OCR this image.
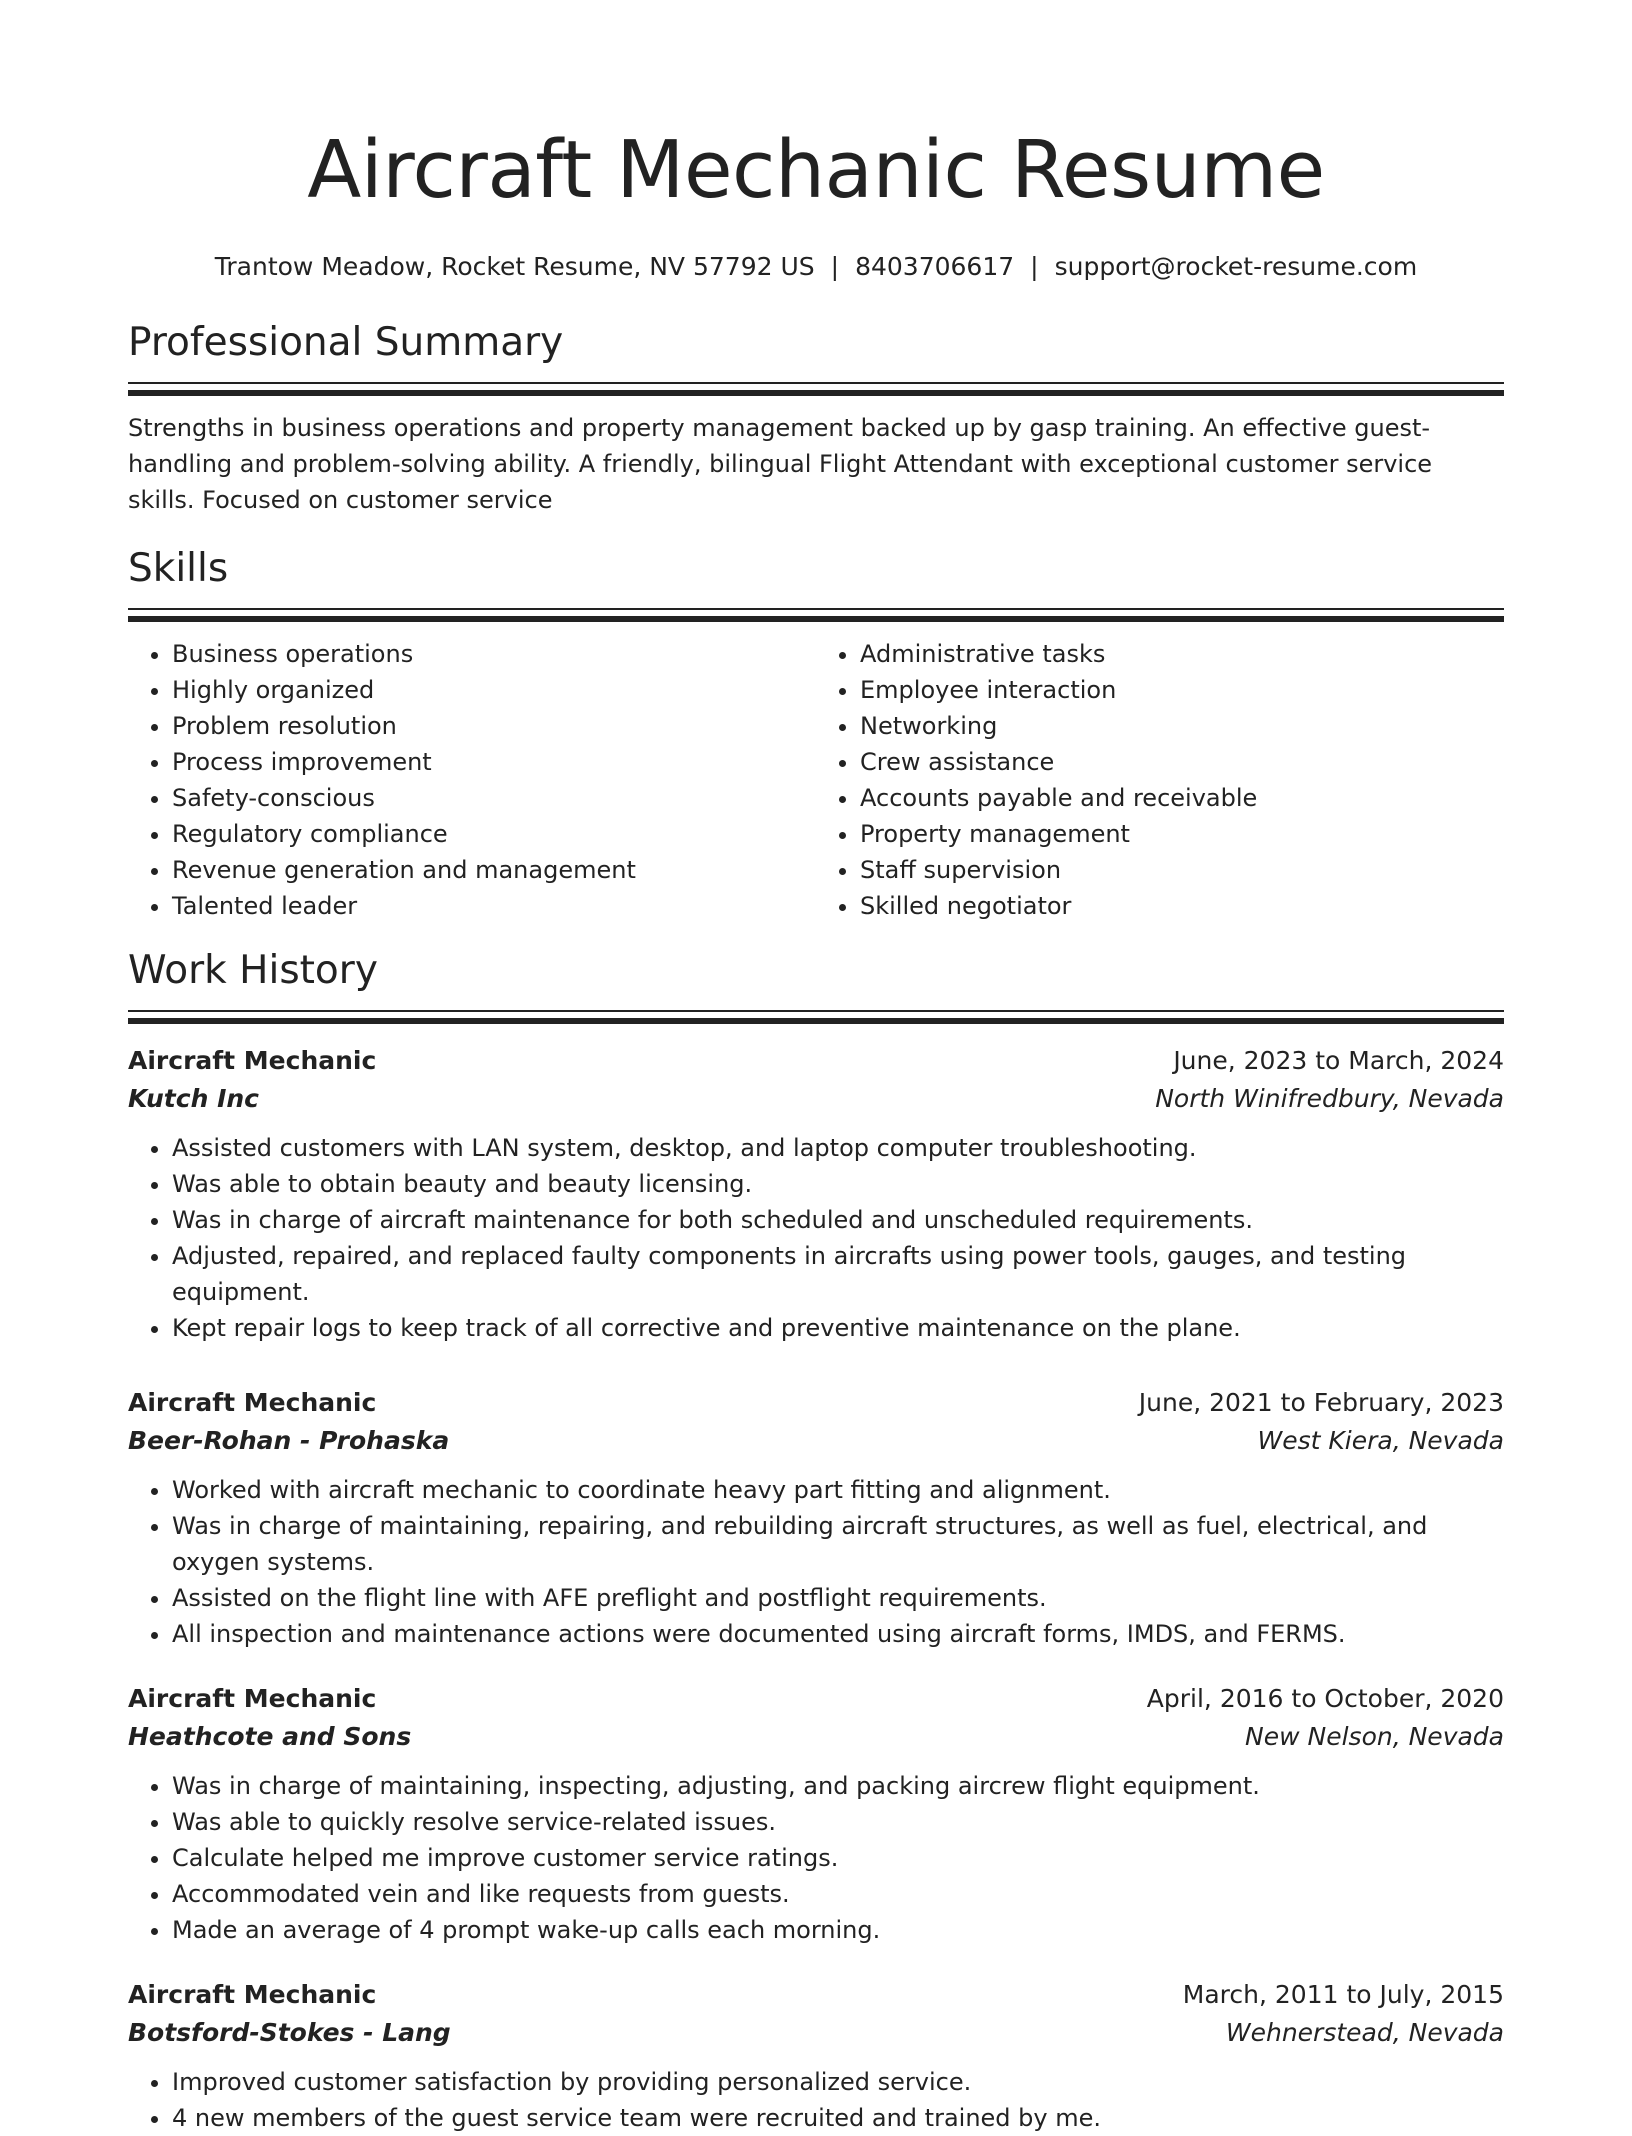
Aircraft Mechanic Resume
Trantow Meadow, Rocket Resume, NV 57792 US | 8403706617 | support@rocket-resume.com
Professional Summary
Strengths in business operations and property management backed up by gasp training. An effective guest-handling and problem-solving ability. A friendly, bilingual Flight Attendant with exceptional customer service skills. Focused on customer service
Skills
• Business operations
• Highly organized
• Problem resolution
• Process improvement
• Safety-conscious
• Regulatory compliance
• Revenue generation and management
• Talented leader
• Administrative tasks
• Employee interaction
• Networking
• Crew assistance
• Accounts payable and receivable
• Property management
• Staff supervision
• Skilled negotiator
Work History
Aircraft Mechanic	June, 2023 to March, 2024
Kutch Inc	North Winifredbury, Nevada
• Assisted customers with LAN system, desktop, and laptop computer troubleshooting.
• Was able to obtain beauty and beauty licensing.
• Was in charge of aircraft maintenance for both scheduled and unscheduled requirements.
• Adjusted, repaired, and replaced faulty components in aircrafts using power tools, gauges, and testing equipment.
• Kept repair logs to keep track of all corrective and preventive maintenance on the plane.
Aircraft Mechanic	June, 2021 to February, 2023
Beer-Rohan - Prohaska	West Kiera, Nevada
• Worked with aircraft mechanic to coordinate heavy part fitting and alignment.
• Was in charge of maintaining, repairing, and rebuilding aircraft structures, as well as fuel, electrical, and oxygen systems.
• Assisted on the flight line with AFE preflight and postflight requirements.
• All inspection and maintenance actions were documented using aircraft forms, IMDS, and FERMS.
Aircraft Mechanic	April, 2016 to October, 2020
Heathcote and Sons	New Nelson, Nevada
• Was in charge of maintaining, inspecting, adjusting, and packing aircrew flight equipment.
• Was able to quickly resolve service-related issues.
• Calculate helped me improve customer service ratings.
• Accommodated vein and like requests from guests.
• Made an average of 4 prompt wake-up calls each morning.
Aircraft Mechanic	March, 2011 to July, 2015
Botsford-Stokes - Lang	Wehnerstead, Nevada
• Improved customer satisfaction by providing personalized service.
• 4 new members of the guest service team were recruited and trained by me.
